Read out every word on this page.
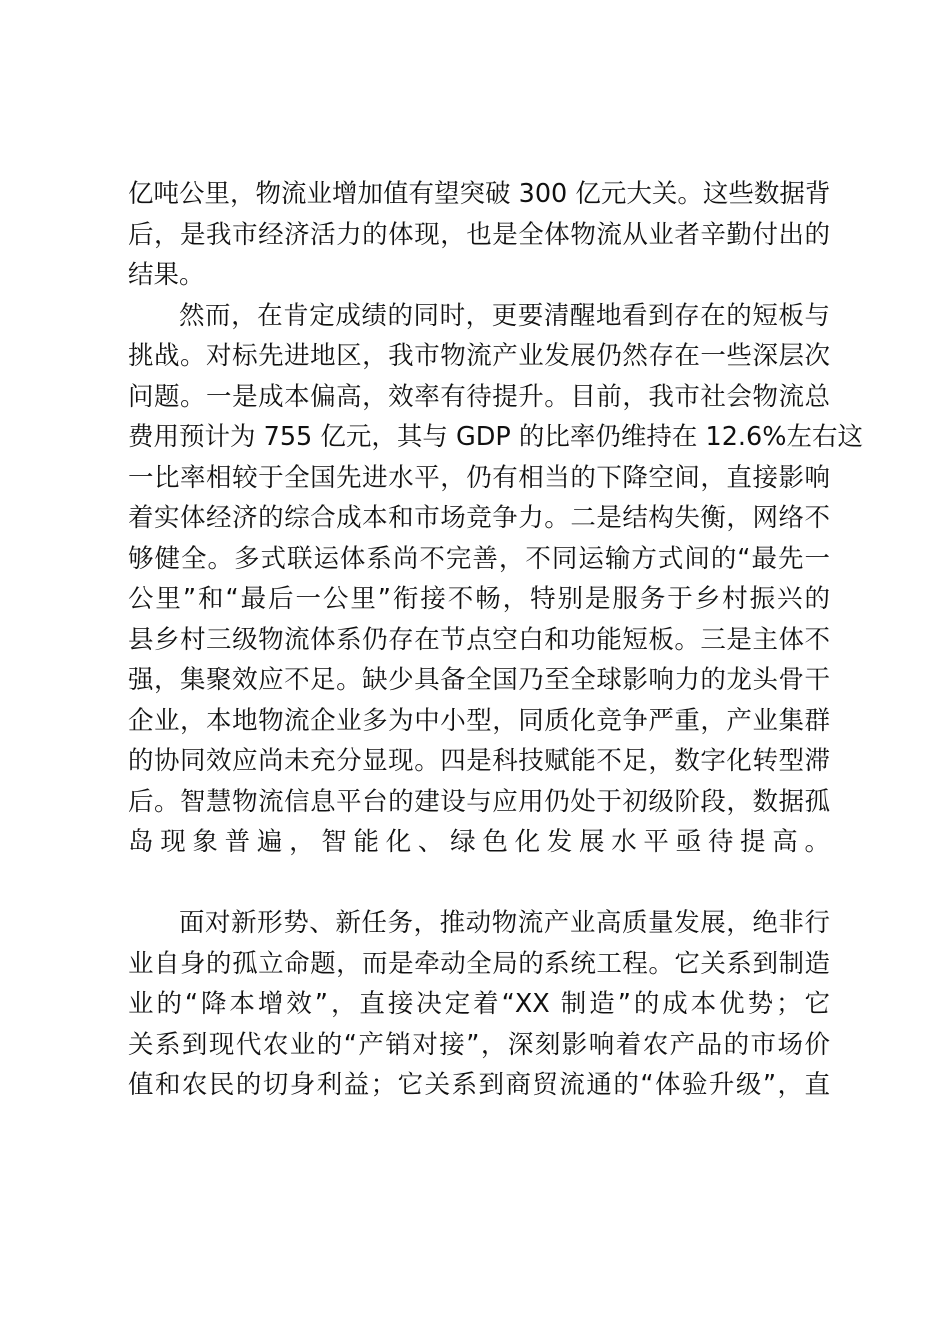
亿吨公里，物流业增加值有望突破 300 亿元大关。这些数据背
后，是我市经济活力的体现，也是全体物流从业者辛勤付出的
结果。
然而，在肯定成绩的同时，更要清醒地看到存在的短板与
挑战。对标先进地区，我市物流产业发展仍然存在一些深层次
问题。一是成本偏高，效率有待提升。目前，我市社会物流总
费用预计为 755 亿元，其与 GDP 的比率仍维持在 12.6%左右这
一比率相较于全国先进水平，仍有相当的下降空间，直接影响
着实体经济的综合成本和市场竞争力。二是结构失衡，网络不
够健全。多式联运体系尚不完善，不同运输方式间的“最先一
公里”和“最后一公里”衔接不畅，特别是服务于乡村振兴的
县乡村三级物流体系仍存在节点空白和功能短板。三是主体不
强，集聚效应不足。缺少具备全国乃至全球影响力的龙头骨干
企业，本地物流企业多为中小型，同质化竞争严重，产业集群
的协同效应尚未充分显现。四是科技赋能不足，数字化转型滞
后。智慧物流信息平台的建设与应用仍处于初级阶段，数据孤
岛现象普遍，智能化、绿色化发展水平亟待提高。
面对新形势、新任务，推动物流产业高质量发展，绝非行
业自身的孤立命题，而是牵动全局的系统工程。它关系到制造
业的“降本增效”，直接决定着“XX 制造”的成本优势；它
关系到现代农业的“产销对接”，深刻影响着农产品的市场价
值和农民的切身利益；它关系到商贸流通的“体验升级”，直
